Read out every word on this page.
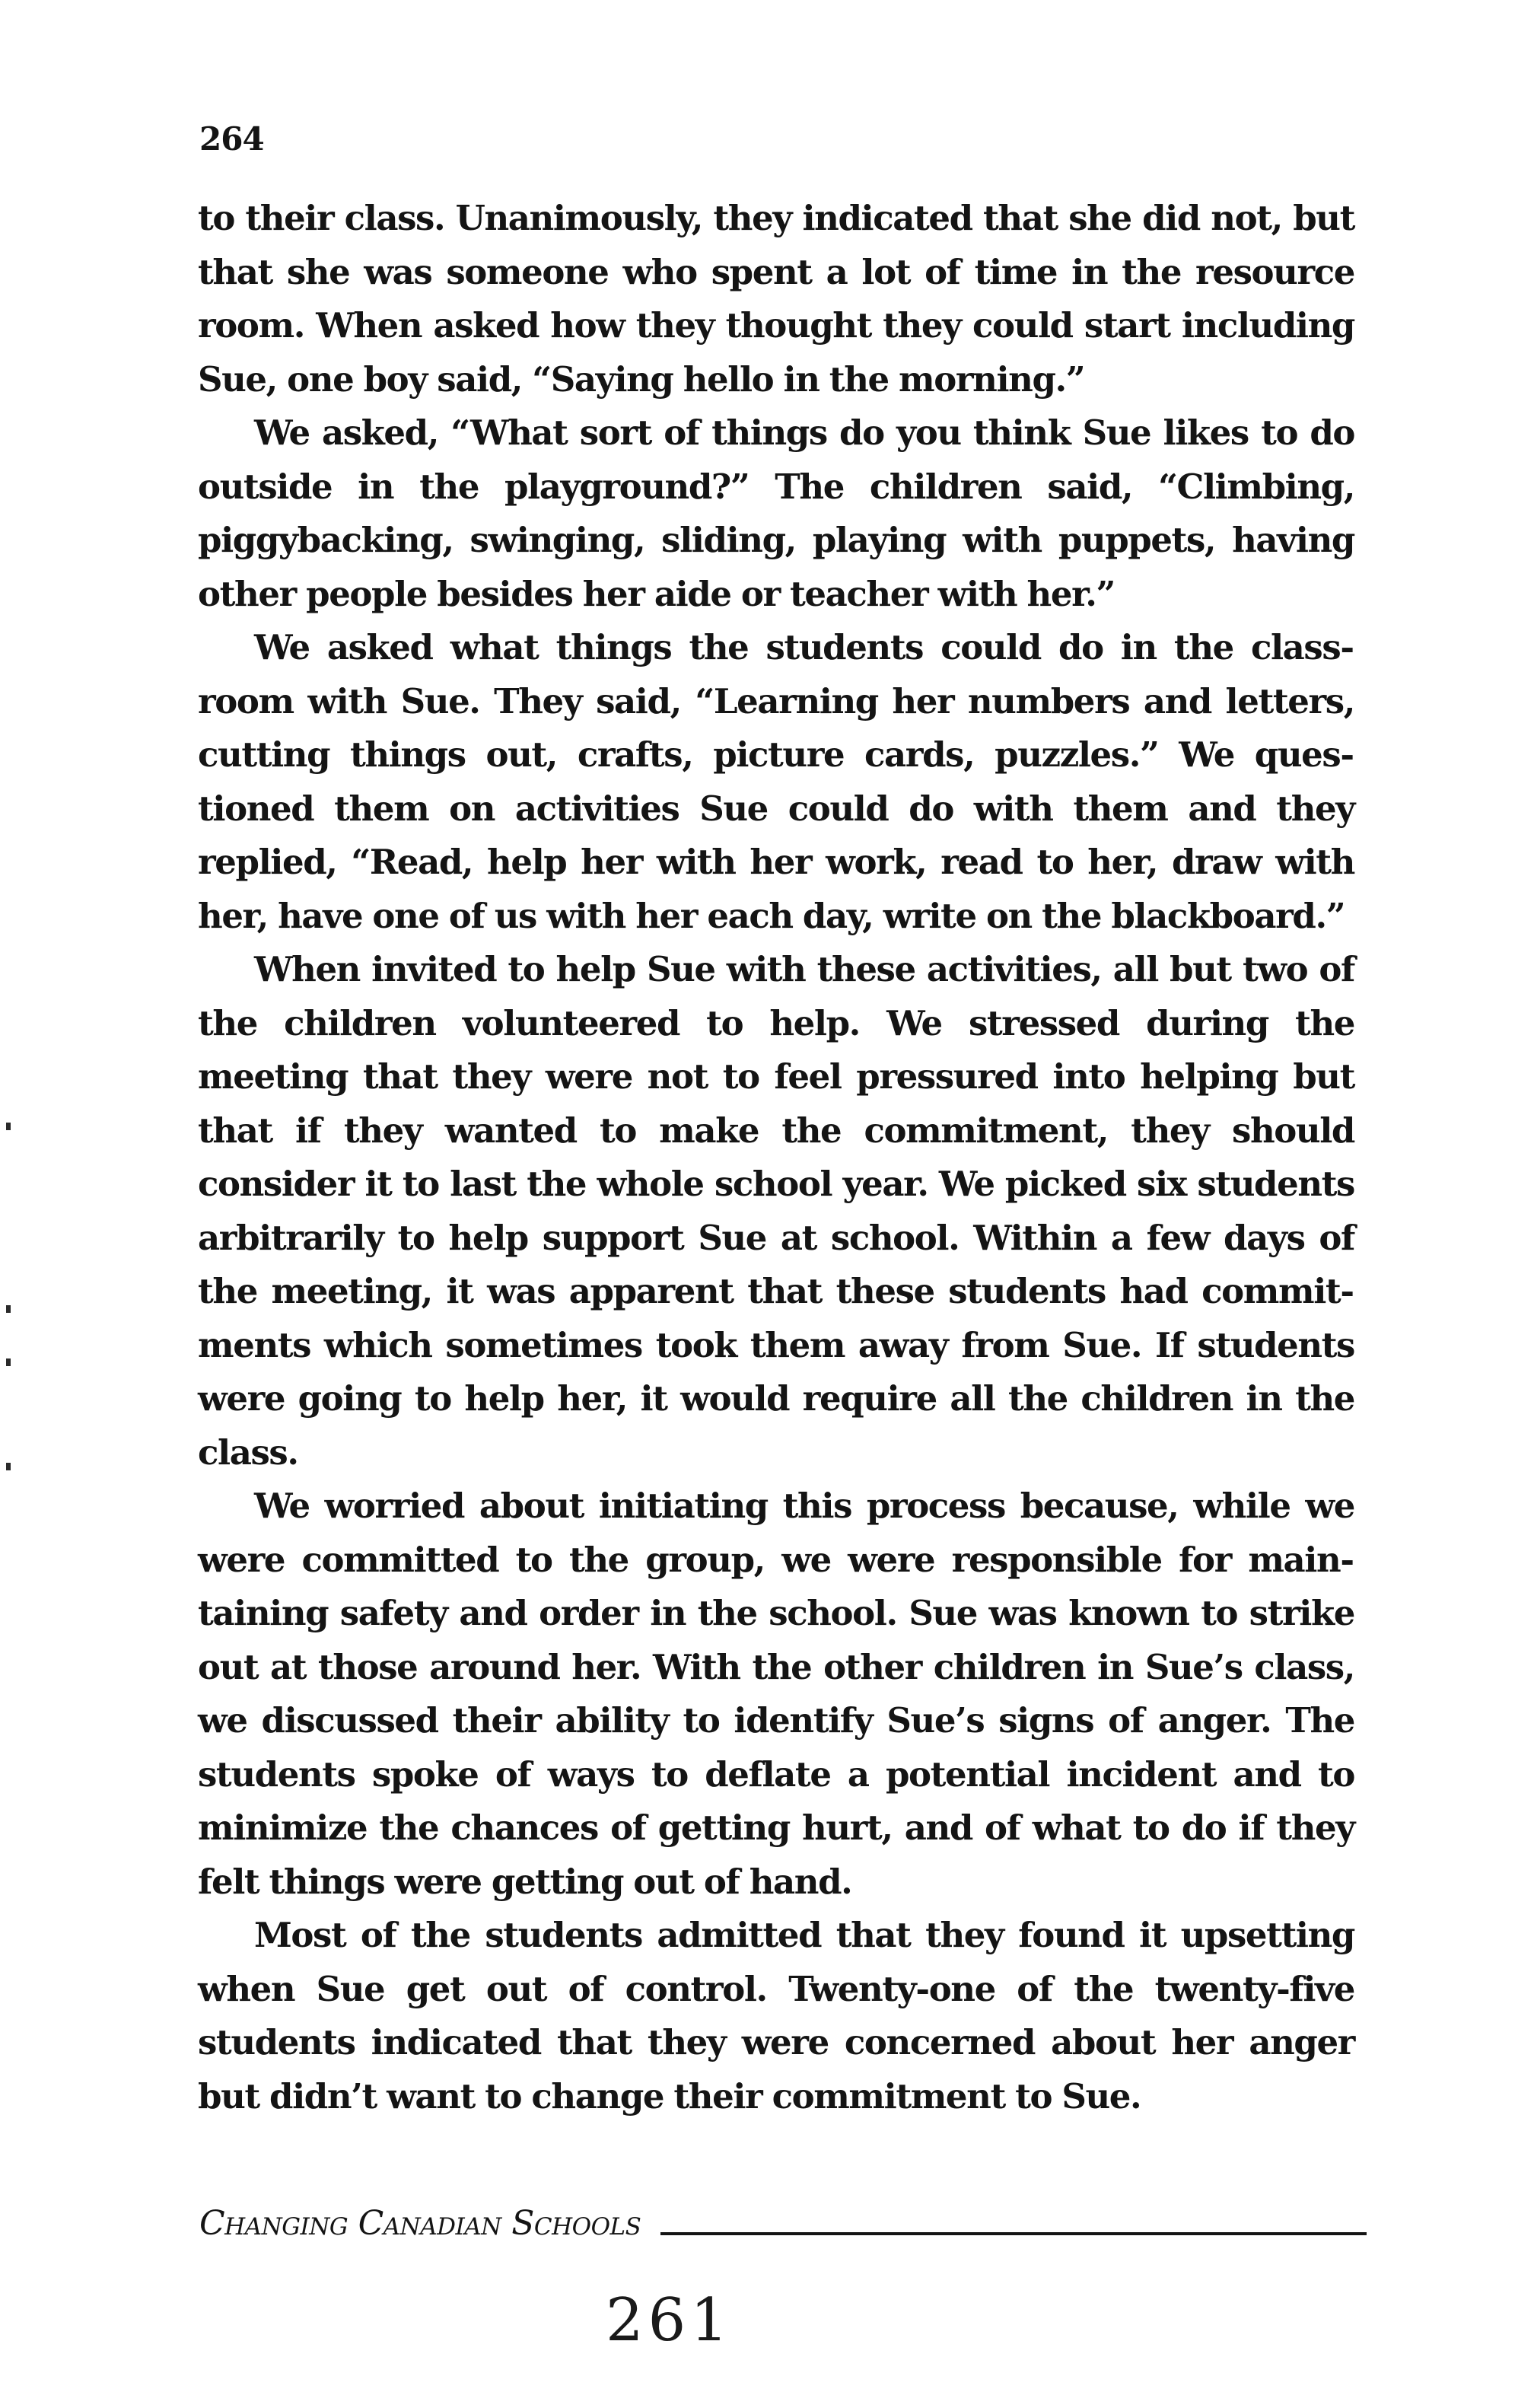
264

to their class. Unanimously, they indicated that she did not, but that she was someone who spent a lot of time in the resource room. When asked how they thought they could start including Sue, one boy said, “Saying hello in the morning.”

We asked, “What sort of things do you think Sue likes to do outside in the playground?” The children said, “Climbing, piggybacking, swinging, sliding, playing with puppets, having other people besides her aide or teacher with her.”

We asked what things the students could do in the classroom with Sue. They said, “Learning her numbers and letters, cutting things out, crafts, picture cards, puzzles.” We questioned them on activities Sue could do with them and they replied, “Read, help her with her work, read to her, draw with her, have one of us with her each day, write on the blackboard.”

When invited to help Sue with these activities, all but two of the children volunteered to help. We stressed during the meeting that they were not to feel pressured into helping but that if they wanted to make the commitment, they should consider it to last the whole school year. We picked six students arbitrarily to help support Sue at school. Within a few days of the meeting, it was apparent that these students had commitments which sometimes took them away from Sue. If students were going to help her, it would require all the children in the class.

We worried about initiating this process because, while we were committed to the group, we were responsible for maintaining safety and order in the school. Sue was known to strike out at those around her. With the other children in Sue’s class, we discussed their ability to identify Sue’s signs of anger. The students spoke of ways to deflate a potential incident and to minimize the chances of getting hurt, and of what to do if they felt things were getting out of hand.

Most of the students admitted that they found it upsetting when Sue get out of control. Twenty-one of the twenty-five students indicated that they were concerned about her anger but didn’t want to change their commitment to Sue.

Changing Canadian Schools
261
